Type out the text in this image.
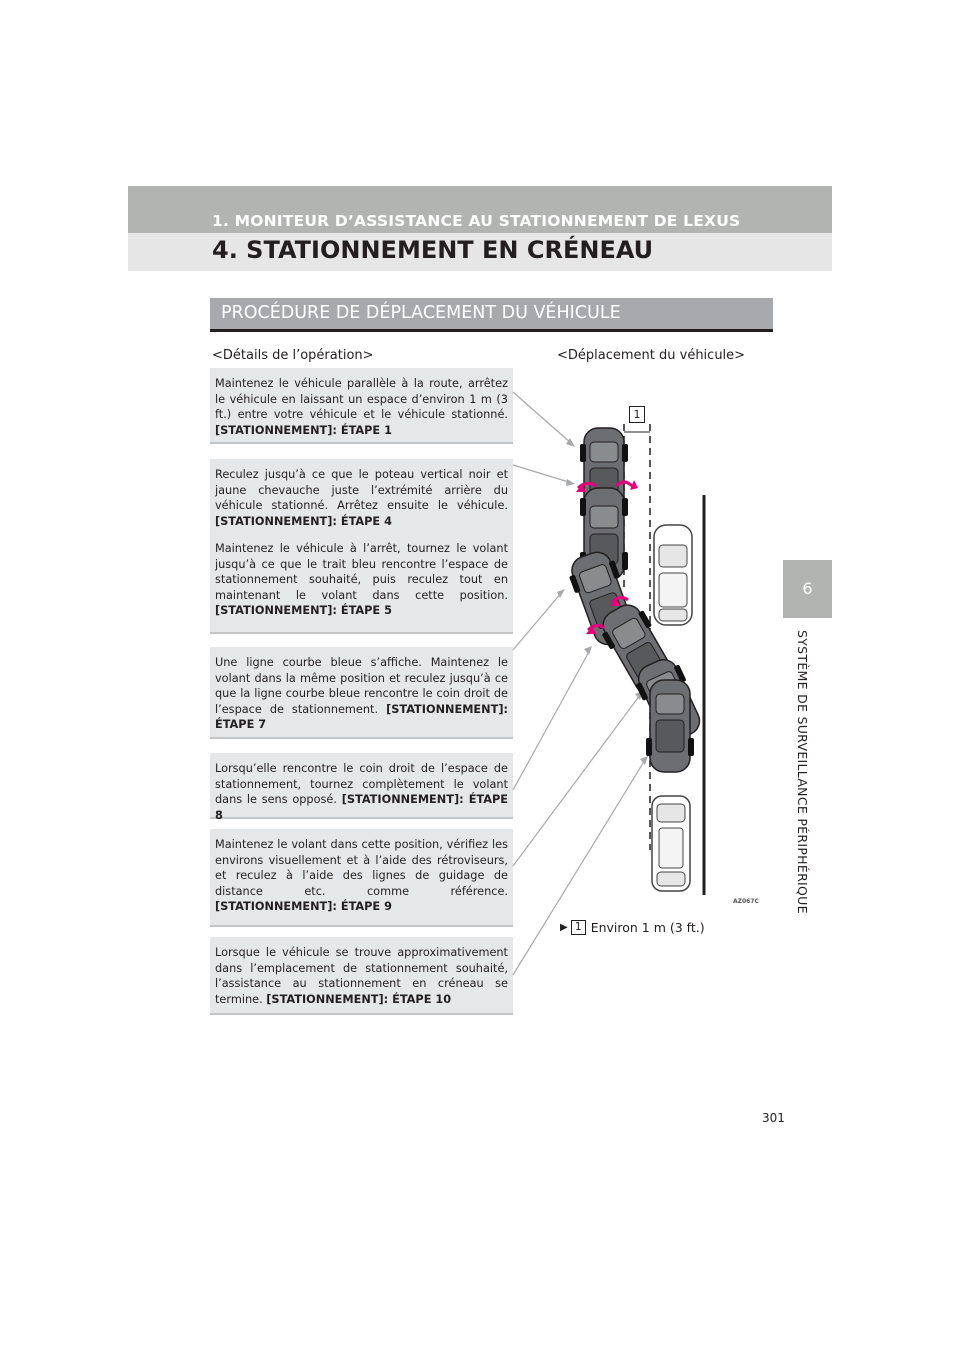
1. MONITEUR D’ASSISTANCE AU STATIONNEMENT DE LEXUS
4. STATIONNEMENT EN CRÉNEAU
6
SYSTÈME DE SURVEILLANCE PÉRIPHÉRIQUE
PROCÉDURE DE DÉPLACEMENT DU VÉHICULE
<Détails de l’opération>	<Déplacement du véhicule>

Maintenez le véhicule parallèle à la route, arrêtez le véhicule en laissant un espace d’environ 1 m (3 ft.) entre votre véhicule et le véhicule stationné. [STATIONNEMENT]: ÉTAPE 1

Reculez jusqu’à ce que le poteau vertical noir et jaune chevauche juste l’extrémité arrière du véhicule stationné. Arrêtez ensuite le véhicule. [STATIONNEMENT]: ÉTAPE 4

Maintenez le véhicule à l’arrêt, tournez le volant jusqu’à ce que le trait bleu rencontre l’espace de stationnement souhaité, puis reculez tout en maintenant le volant dans cette position. [STATIONNEMENT]: ÉTAPE 5

Une ligne courbe bleue s’affiche. Maintenez le volant dans la même position et reculez jusqu’à ce que la ligne courbe bleue rencontre le coin droit de l’espace de stationnement. [STATIONNEMENT]: ÉTAPE 7

Lorsqu’elle rencontre le coin droit de l’espace de stationnement, tournez complètement le volant dans le sens opposé. [STATIONNEMENT]: ÉTAPE 8

Maintenez le volant dans cette position, vérifiez les environs visuellement et à l’aide des rétroviseurs, et reculez à l’aide des lignes de guidage de distance etc. comme référence. [STATIONNEMENT]: ÉTAPE 9

Lorsque le véhicule se trouve approximativement dans l’emplacement de stationnement souhaité, l’assistance au stationnement en créneau se termine. [STATIONNEMENT]: ÉTAPE 10

1
AZ067C
▶ 1 Environ 1 m (3 ft.)
301
